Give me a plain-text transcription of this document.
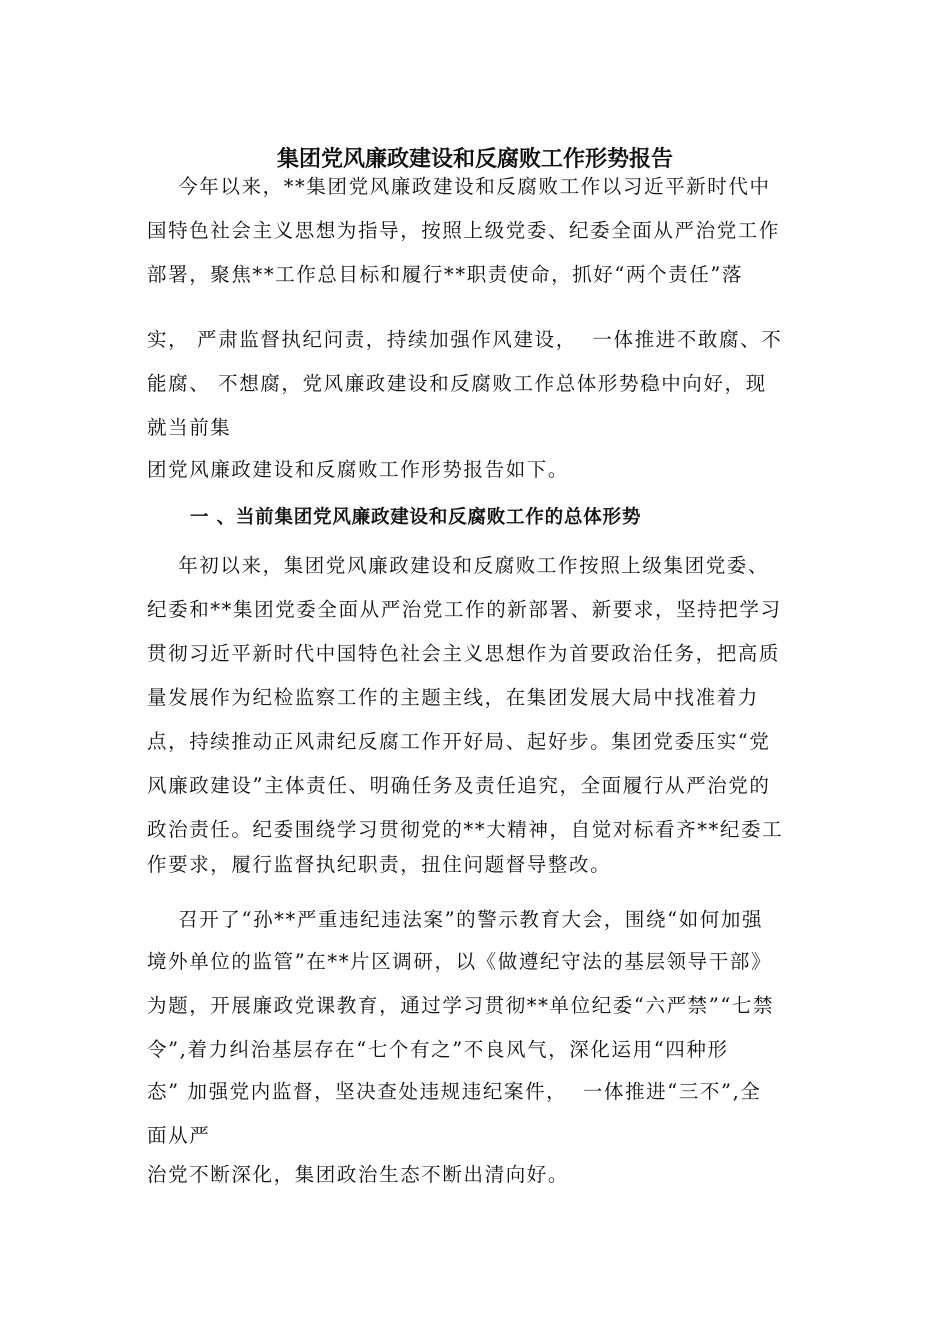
集团党风廉政建设和反腐败工作形势报告

今年以来，**集团党风廉政建设和反腐败工作以习近平新时代中

国特色社会主义思想为指导，按照上级党委、纪委全面从严治党工作

部署，聚焦**工作总目标和履行**职责使命，抓好“两个责任”落

实， 严肃监督执纪问责，持续加强作风建设，  一体推进不敢腐、不

能腐、 不想腐，党风廉政建设和反腐败工作总体形势稳中向好，现

就当前集

团党风廉政建设和反腐败工作形势报告如下。

一 、当前集团党风廉政建设和反腐败工作的总体形势

年初以来，集团党风廉政建设和反腐败工作按照上级集团党委、

纪委和**集团党委全面从严治党工作的新部署、新要求，坚持把学习

贯彻习近平新时代中国特色社会主义思想作为首要政治任务，把高质

量发展作为纪检监察工作的主题主线，在集团发展大局中找准着力

点，持续推动正风肃纪反腐工作开好局、起好步。集团党委压实“党

风廉政建设”主体责任、明确任务及责任追究，全面履行从严治党的

政治责任。纪委围绕学习贯彻党的**大精神，自觉对标看齐**纪委工

作要求，履行监督执纪职责，扭住问题督导整改。

召开了“孙**严重违纪违法案”的警示教育大会，围绕“如何加强

境外单位的监管”在**片区调研，以《做遵纪守法的基层领导干部》

为题，开展廉政党课教育，通过学习贯彻**单位纪委“六严禁”“七禁

令”,着力纠治基层存在“七个有之”不良风气，深化运用“四种形

态” 加强党内监督，坚决查处违规违纪案件，  一体推进“三不”,全

面从严

治党不断深化，集团政治生态不断出清向好。
